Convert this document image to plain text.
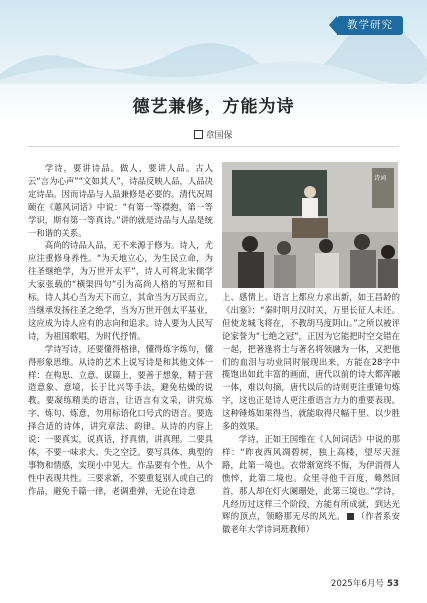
教学研究
德艺兼修，方能为诗
章国保

学诗，要讲诗品。做人，要讲人品。古人云“言为心声”“文如其人”，诗品反映人品，人品决定诗品。因而诗品与人品兼修是必要的。清代况周颐在《蕙风词话》中说：“有第一等襟抱，第一等学识，斯有第一等真诗。”讲的就是诗品与人品是统一和谐的关系。

高尚的诗品人品，无不来源于修为。诗人，尤应注重修身养性。“为天地立心，为生民立命，为往圣继绝学，为万世开太平”，诗人可将北宋儒学大家张载的“横渠四句”引为高尚人格的写照和目标。诗人其心当为天下而立，其命当为万民而立，当继承发扬往圣之绝学，当为万世开创太平基业，这应成为诗人应有的志向和追求。诗人要为人民写诗，为祖国歌唱，为时代抒情。

学诗写诗，还要懂得格律，懂得炼字炼句，懂得形象思维。从诗的艺术上说写诗是和其他文体一样：在构思、立意、谋篇上，要善于想象，精于营造意象、意境，长于比兴等手法，避免枯燥的说教。要凝练精美的语言，让语言有文采，讲究炼字、炼句、炼意，勿用标语化口号式的语言。要选择合适的诗体，讲究章法、韵律。从诗的内容上说：一要真实，说真话，抒真情，讲真理。二要具体，不要一味求大、失之空泛。要写具体、典型的事物和情感，实现小中见大。作品要有个性，从个性中表现共性。三要求新，不要重复别人或自己的作品，避免千篇一律，老调重弹，无论在诗意

诗词

上、感情上、语言上都应力求出新，如王昌龄的《出塞》：“秦时明月汉时关，万里长征人未还。但使龙城飞将在，不教胡马度阴山。”之所以被评论家誉为“七绝之冠”，正因为它能把时空交错在一起，把著逢将士与著名将领融为一体，又把他们的血泪与功业同时展现出来，方能在28字中揽饱出如此丰富的画面，唐代以前的诗大都浑融一体，难以句摘，唐代以后的诗则更注重锤句炼字，这也正是诗人更注重语言力力的重要表现。这种锤炼如果得当，就能取得尺幅千里、以少胜多的效果。

学诗，正如王国维在《人间词话》中说的那样：“昨夜西风凋碧树，独上高楼，望尽天涯路，此第一境也。衣带渐宽终不悔，为伊消得人憔悴，此第二境也。众里寻他千百度，蓦然回首，那人却在灯火阑珊处，此第三境也。”学诗，凡经历过这样三个阶段，方能有所成就，到达光辉的顶点，领略那无尽的风光。 （作者系安徽老年大学诗词班教师）

2025年6月号 53
